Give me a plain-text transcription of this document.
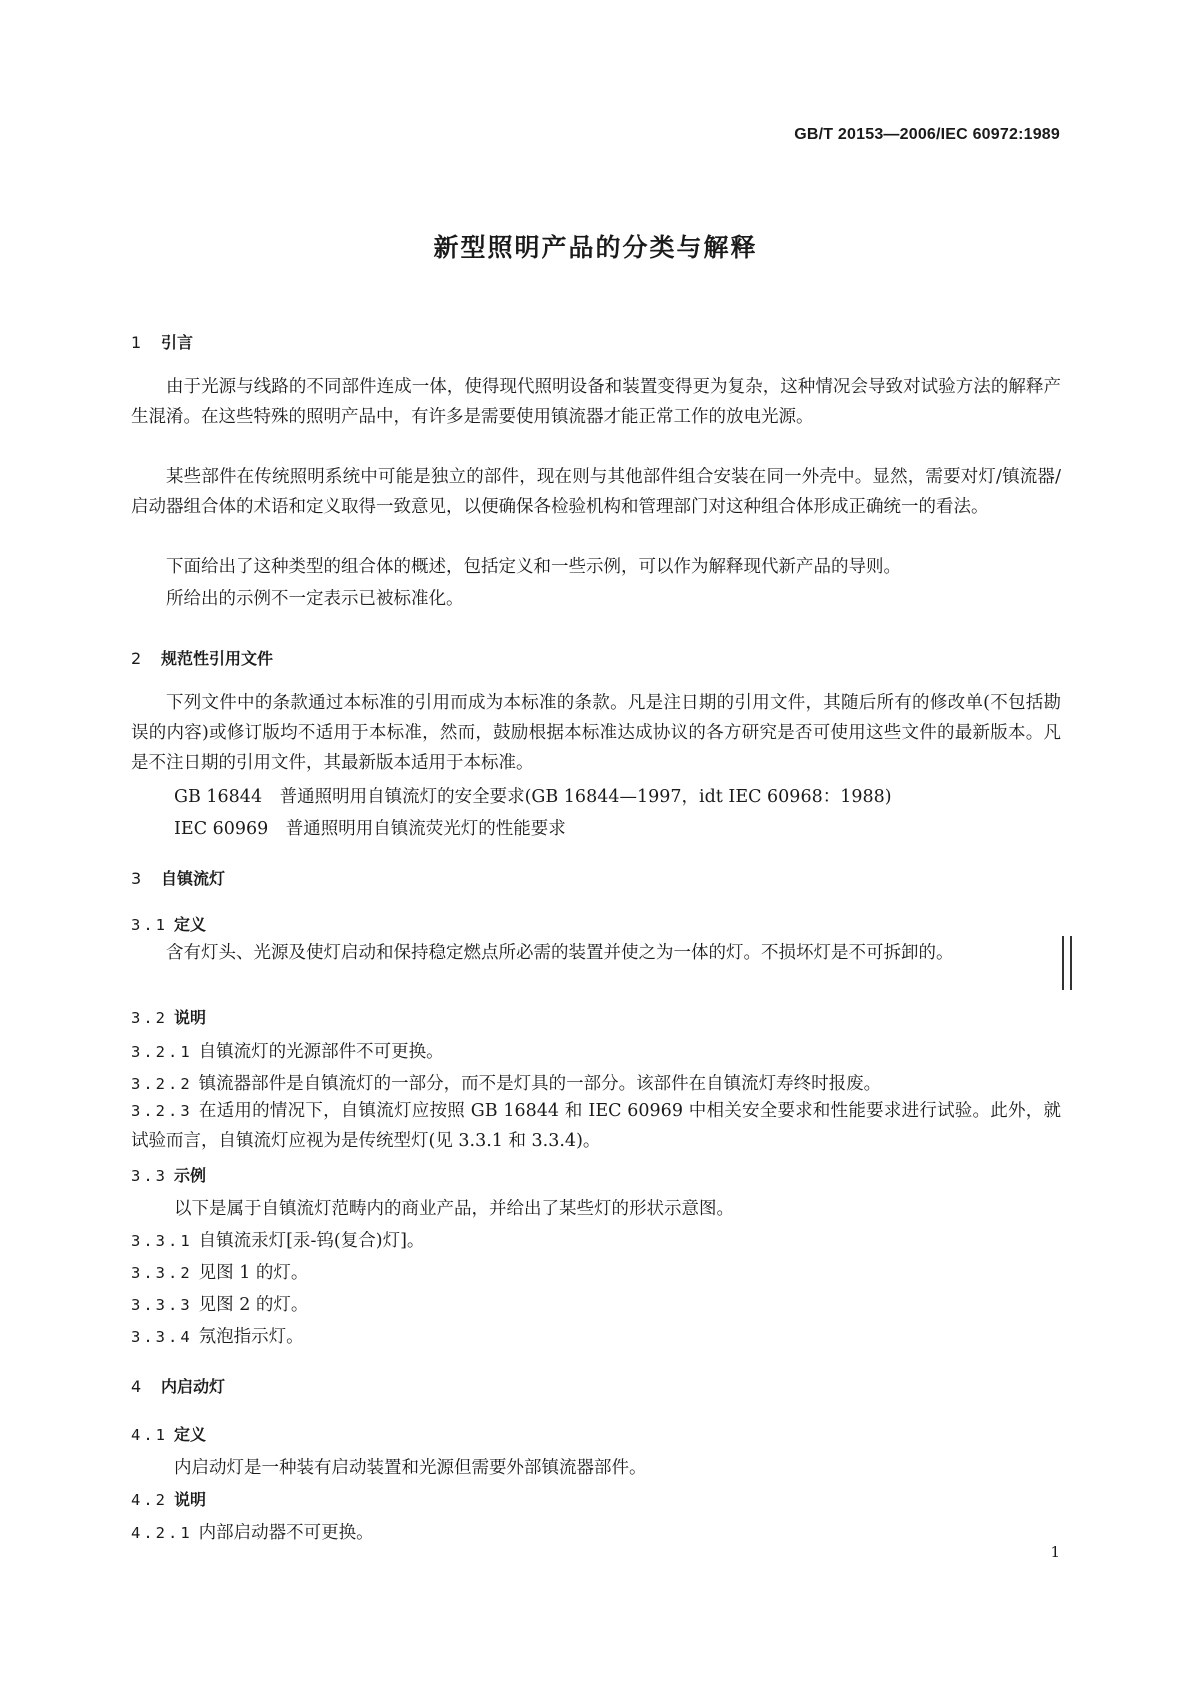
GB/T 20153—2006/IEC 60972:1989
新型照明产品的分类与解释
1 引言
由于光源与线路的不同部件连成一体，使得现代照明设备和装置变得更为复杂，这种情况会导致对试验方法的解释产生混淆。在这些特殊的照明产品中，有许多是需要使用镇流器才能正常工作的放电光源。
某些部件在传统照明系统中可能是独立的部件，现在则与其他部件组合安装在同一外壳中。显然，需要对灯/镇流器/启动器组合体的术语和定义取得一致意见，以便确保各检验机构和管理部门对这种组合体形成正确统一的看法。
下面给出了这种类型的组合体的概述，包括定义和一些示例，可以作为解释现代新产品的导则。
所给出的示例不一定表示已被标准化。
2 规范性引用文件
下列文件中的条款通过本标准的引用而成为本标准的条款。凡是注日期的引用文件，其随后所有的修改单(不包括勘误的内容)或修订版均不适用于本标准，然而，鼓励根据本标准达成协议的各方研究是否可使用这些文件的最新版本。凡是不注日期的引用文件，其最新版本适用于本标准。
GB 16844　普通照明用自镇流灯的安全要求(GB 16844—1997，idt IEC 60968：1988)
IEC 60969　普通照明用自镇流荧光灯的性能要求
3 自镇流灯
3.1 定义
含有灯头、光源及使灯启动和保持稳定燃点所必需的装置并使之为一体的灯。不损坏灯是不可拆卸的。
3.2 说明
3.2.1 自镇流灯的光源部件不可更换。
3.2.2 镇流器部件是自镇流灯的一部分，而不是灯具的一部分。该部件在自镇流灯寿终时报废。
3.2.3 在适用的情况下，自镇流灯应按照 GB 16844 和 IEC 60969 中相关安全要求和性能要求进行试验。此外，就试验而言，自镇流灯应视为是传统型灯(见 3.3.1 和 3.3.4)。
3.3 示例
以下是属于自镇流灯范畴内的商业产品，并给出了某些灯的形状示意图。
3.3.1 自镇流汞灯[汞-钨(复合)灯]。
3.3.2 见图 1 的灯。
3.3.3 见图 2 的灯。
3.3.4 氖泡指示灯。
4 内启动灯
4.1 定义
内启动灯是一种装有启动装置和光源但需要外部镇流器部件。
4.2 说明
4.2.1 内部启动器不可更换。
1
